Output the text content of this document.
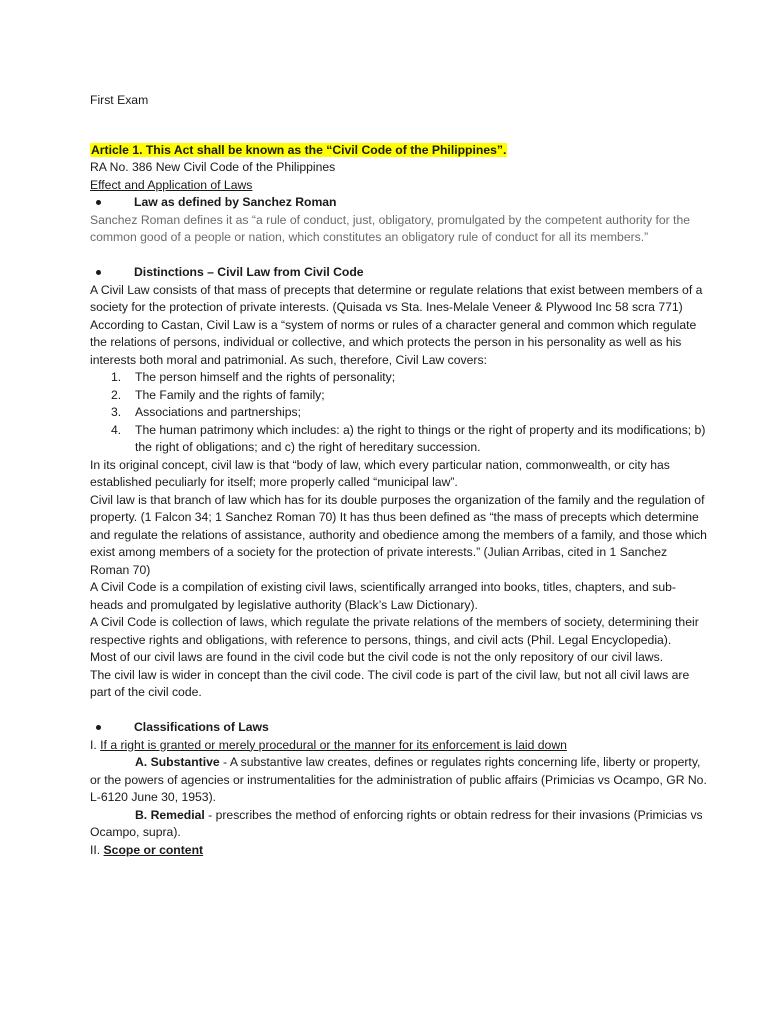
First Exam

Article 1. This Act shall be known as the “Civil Code of the Philippines”.

RA No. 386 New Civil Code of the Philippines

Effect and Application of Laws

Law as defined by Sanchez Roman

Sanchez Roman defines it as “a rule of conduct, just, obligatory, promulgated by the competent authority for the common good of a people or nation, which constitutes an obligatory rule of conduct for all its members.”

Distinctions – Civil Law from Civil Code

A Civil Law consists of that mass of precepts that determine or regulate relations that exist between members of a society for the protection of private interests. (Quisada vs Sta. Ines-Melale Veneer & Plywood Inc 58 scra 771)

According to Castan, Civil Law is a “system of norms or rules of a character general and common which regulate the relations of persons, individual or collective, and which protects the person in his personality as well as his interests both moral and patrimonial. As such, therefore, Civil Law covers:

1. The person himself and the rights of personality;
2. The Family and the rights of family;
3. Associations and partnerships;
4. The human patrimony which includes: a) the right to things or the right of property and its modifications; b) the right of obligations; and c) the right of hereditary succession.

In its original concept, civil law is that “body of law, which every particular nation, commonwealth, or city has established peculiarly for itself; more properly called “municipal law”.

Civil law is that branch of law which has for its double purposes the organization of the family and the regulation of property. (1 Falcon 34; 1 Sanchez Roman 70) It has thus been defined as “the mass of precepts which determine and regulate the relations of assistance, authority and obedience among the members of a family, and those which exist among members of a society for the protection of private interests.” (Julian Arribas, cited in 1 Sanchez Roman 70)

A Civil Code is a compilation of existing civil laws, scientifically arranged into books, titles, chapters, and sub-heads and promulgated by legislative authority (Black’s Law Dictionary).

A Civil Code is collection of laws, which regulate the private relations of the members of society, determining their respective rights and obligations, with reference to persons, things, and civil acts (Phil. Legal Encyclopedia).

Most of our civil laws are found in the civil code but the civil code is not the only repository of our civil laws.

The civil law is wider in concept than the civil code. The civil code is part of the civil law, but not all civil laws are part of the civil code.

Classifications of Laws

I. If a right is granted or merely procedural or the manner for its enforcement is laid down

A. Substantive - A substantive law creates, defines or regulates rights concerning life, liberty or property, or the powers of agencies or instrumentalities for the administration of public affairs (Primicias vs Ocampo, GR No. L-6120 June 30, 1953).

B. Remedial - prescribes the method of enforcing rights or obtain redress for their invasions (Primicias vs Ocampo, supra).

II. Scope or content
